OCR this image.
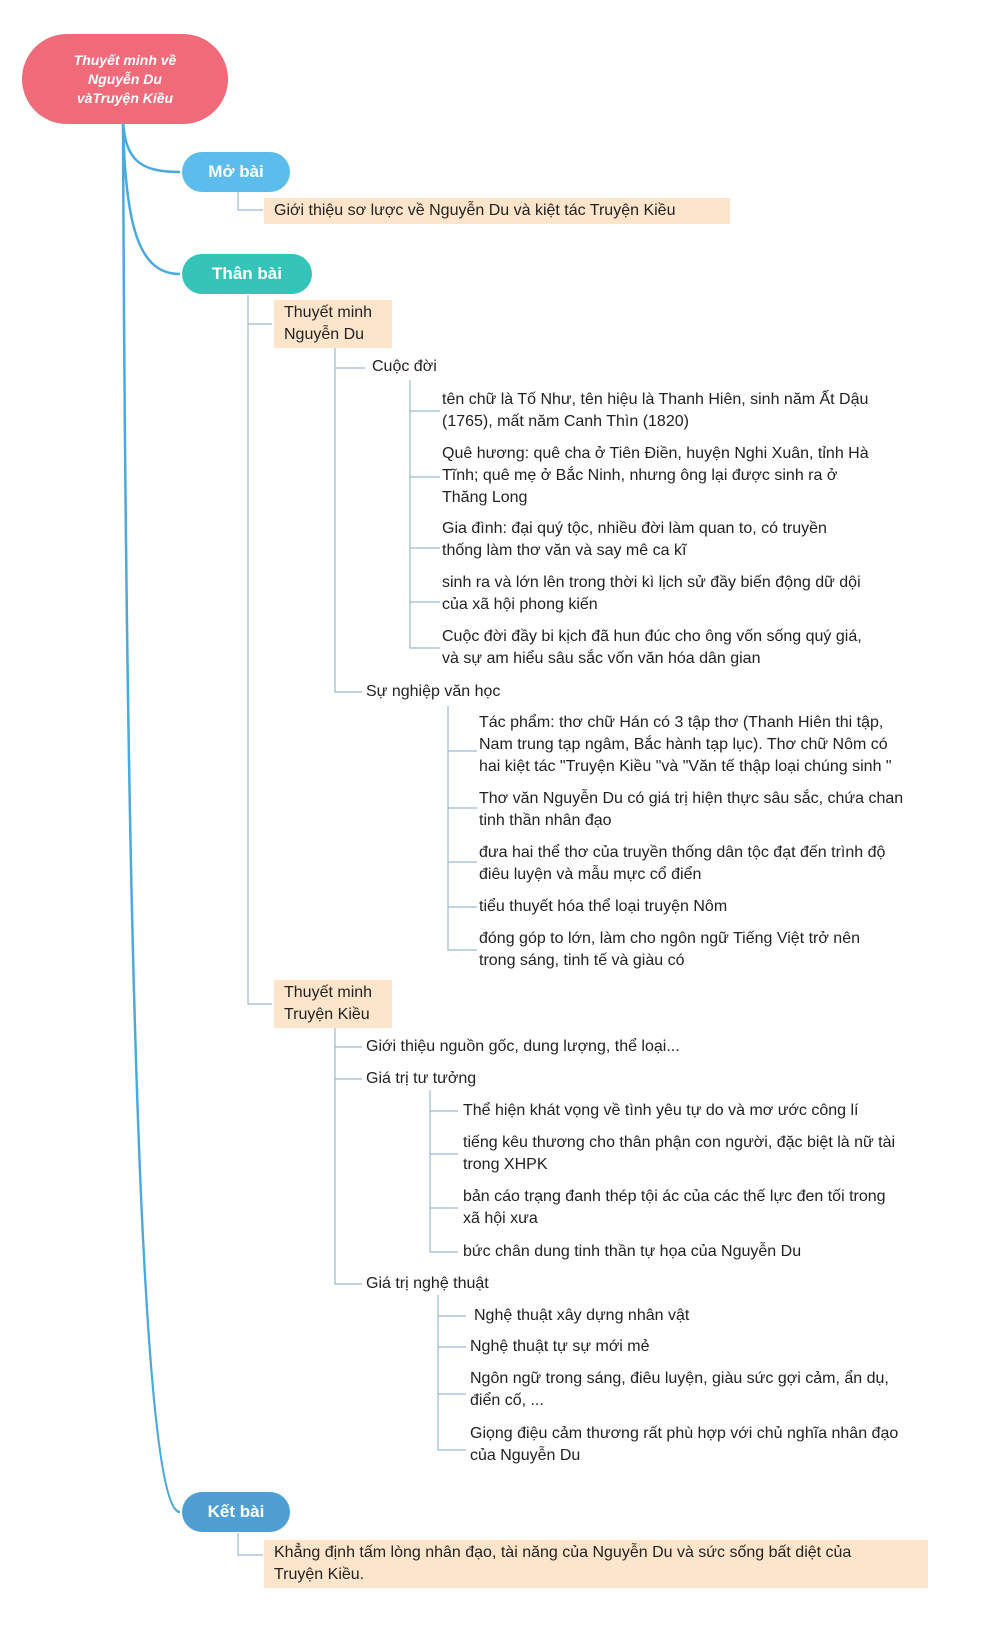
Thuyết minh về
Nguyễn Du
vàTruyện Kiều
Mở bài
Giới thiệu sơ lược về Nguyễn Du và kiệt tác Truyện Kiều
Thân bài
Thuyết minh
Nguyễn Du
Cuộc đời
tên chữ là Tố Như, tên hiệu là Thanh Hiên, sinh năm Ất Dậu
(1765), mất năm Canh Thìn (1820)
Quê hương: quê cha ở Tiên Điền, huyện Nghi Xuân, tỉnh Hà
Tĩnh; quê mẹ ở Bắc Ninh, nhưng ông lại được sinh ra ở
Thăng Long
Gia đình: đại quý tộc, nhiều đời làm quan to, có truyền
thống làm thơ văn và say mê ca kĩ
sinh ra và lớn lên trong thời kì lịch sử đầy biến động dữ dội
của xã hội phong kiến
Cuộc đời đầy bi kịch đã hun đúc cho ông vốn sống quý giá,
và sự am hiểu sâu sắc vốn văn hóa dân gian
Sự nghiệp văn học
Tác phẩm: thơ chữ Hán có 3 tập thơ (Thanh Hiên thi tập,
Nam trung tạp ngâm, Bắc hành tạp lục). Thơ chữ Nôm có
hai kiệt tác "Truyện Kiều "và "Văn tế thập loại chúng sinh "
Thơ văn Nguyễn Du có giá trị hiện thực sâu sắc, chứa chan
tinh thần nhân đạo
đưa hai thể thơ của truyền thống dân tộc đạt đến trình độ
điêu luyện và mẫu mực cổ điển
tiểu thuyết hóa thể loại truyện Nôm
đóng góp to lớn, làm cho ngôn ngữ Tiếng Việt trở nên
trong sáng, tinh tế và giàu có
Thuyết minh
Truyện Kiều
Giới thiệu nguồn gốc, dung lượng, thể loại...
Giá trị tư tưởng
Thể hiện khát vọng về tình yêu tự do và mơ ước công lí
tiếng kêu thương cho thân phận con người, đặc biệt là nữ tài
trong XHPK
bản cáo trạng đanh thép tội ác của các thế lực đen tối trong
xã hội xưa
bức chân dung tinh thần tự họa của Nguyễn Du
Giá trị nghệ thuật
Nghệ thuật xây dựng nhân vật
Nghệ thuật tự sự mới mẻ
Ngôn ngữ trong sáng, điêu luyện, giàu sức gợi cảm, ẩn dụ,
điển cố, ...
Giọng điệu cảm thương rất phù hợp với chủ nghĩa nhân đạo
của Nguyễn Du
Kết bài
Khẳng định tấm lòng nhân đạo, tài năng của Nguyễn Du và sức sống bất diệt của
Truyện Kiều.
